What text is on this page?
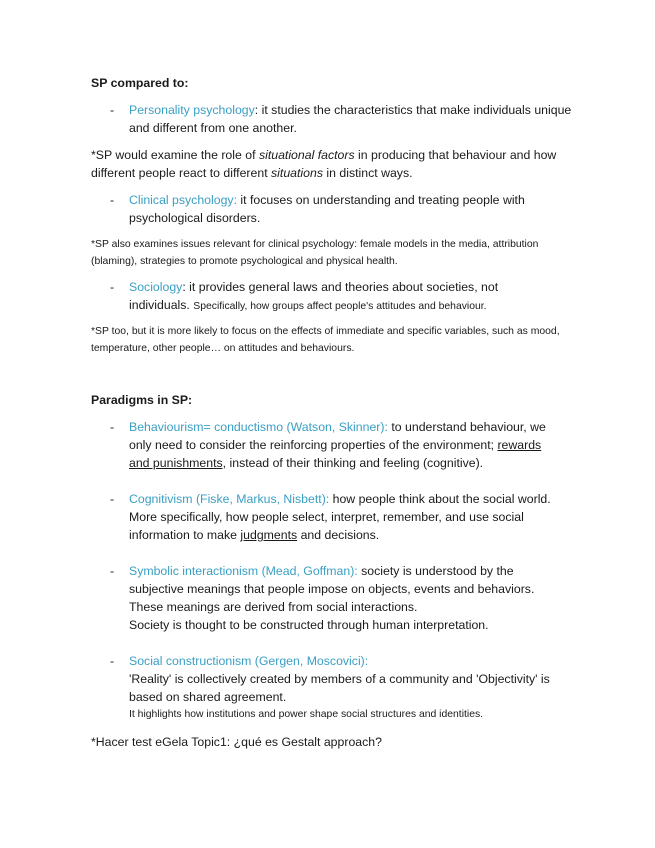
SP compared to:
- Personality psychology: it studies the characteristics that make individuals unique and different from one another.
*SP would examine the role of situational factors in producing that behaviour and how different people react to different situations in distinct ways.
- Clinical psychology: it focuses on understanding and treating people with psychological disorders.
*SP also examines issues relevant for clinical psychology: female models in the media, attribution (blaming), strategies to promote psychological and physical health.
- Sociology: it provides general laws and theories about societies, not individuals. Specifically, how groups affect people's attitudes and behaviour.
*SP too, but it is more likely to focus on the effects of immediate and specific variables, such as mood, temperature, other people… on attitudes and behaviours.
Paradigms in SP:
- Behaviourism= conductismo (Watson, Skinner): to understand behaviour, we only need to consider the reinforcing properties of the environment; rewards and punishments, instead of their thinking and feeling (cognitive).
- Cognitivism (Fiske, Markus, Nisbett): how people think about the social world. More specifically, how people select, interpret, remember, and use social information to make judgments and decisions.
- Symbolic interactionism (Mead, Goffman): society is understood by the subjective meanings that people impose on objects, events and behaviors. These meanings are derived from social interactions.
Society is thought to be constructed through human interpretation.
- Social constructionism (Gergen, Moscovici):
'Reality' is collectively created by members of a community and 'Objectivity' is based on shared agreement.
It highlights how institutions and power shape social structures and identities.
*Hacer test eGela Topic1: ¿qué es Gestalt approach?
